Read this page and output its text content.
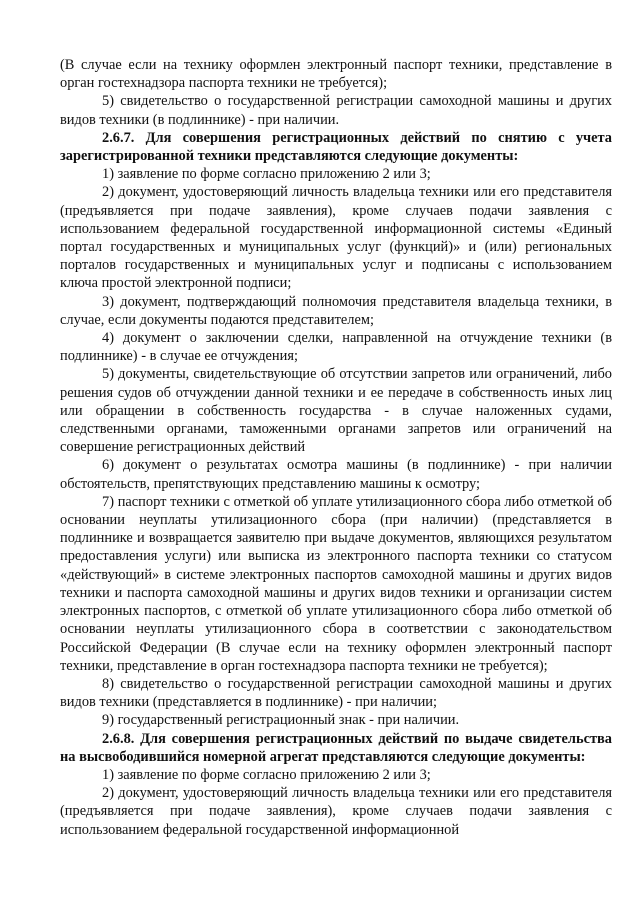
(В случае если на технику оформлен электронный паспорт техники, представление в орган гостехнадзора паспорта техники не требуется);

5) свидетельство о государственной регистрации самоходной машины и других видов техники (в подлиннике) - при наличии.

2.6.7. Для совершения регистрационных действий по снятию с учета зарегистрированной техники представляются следующие документы:

1) заявление по форме согласно приложению 2 или 3;

2) документ, удостоверяющий личность владельца техники или его представителя (предъявляется при подаче заявления), кроме случаев подачи заявления с использованием федеральной государственной информационной системы «Единый портал государственных и муниципальных услуг (функций)» и (или) региональных порталов государственных и муниципальных услуг и подписаны с использованием ключа простой электронной подписи;

3) документ, подтверждающий полномочия представителя владельца техники, в случае, если документы подаются представителем;

4) документ о заключении сделки, направленной на отчуждение техники (в подлиннике) - в случае ее отчуждения;

5) документы, свидетельствующие об отсутствии запретов или ограничений, либо решения судов об отчуждении данной техники и ее передаче в собственность иных лиц или обращении в собственность государства - в случае наложенных судами, следственными органами, таможенными органами запретов или ограничений на совершение регистрационных действий

6) документ о результатах осмотра машины (в подлиннике) - при наличии обстоятельств, препятствующих представлению машины к осмотру;

7) паспорт техники с отметкой об уплате утилизационного сбора либо отметкой об основании неуплаты утилизационного сбора (при наличии) (представляется в подлиннике и возвращается заявителю при выдаче документов, являющихся результатом предоставления услуги) или выписка из электронного паспорта техники со статусом «действующий» в системе электронных паспортов самоходной машины и других видов техники и паспорта самоходной машины и других видов техники и организации систем электронных паспортов, с отметкой об уплате утилизационного сбора либо отметкой об основании неуплаты утилизационного сбора в соответствии с законодательством Российской Федерации (В случае если на технику оформлен электронный паспорт техники, представление в орган гостехнадзора паспорта техники не требуется);

8) свидетельство о государственной регистрации самоходной машины и других видов техники (представляется в подлиннике) - при наличии;

9) государственный регистрационный знак - при наличии.

2.6.8. Для совершения регистрационных действий по выдаче свидетельства на высвободившийся номерной агрегат представляются следующие документы:

1) заявление по форме согласно приложению 2 или 3;

2) документ, удостоверяющий личность владельца техники или его представителя (предъявляется при подаче заявления), кроме случаев подачи заявления с использованием федеральной государственной информационной
